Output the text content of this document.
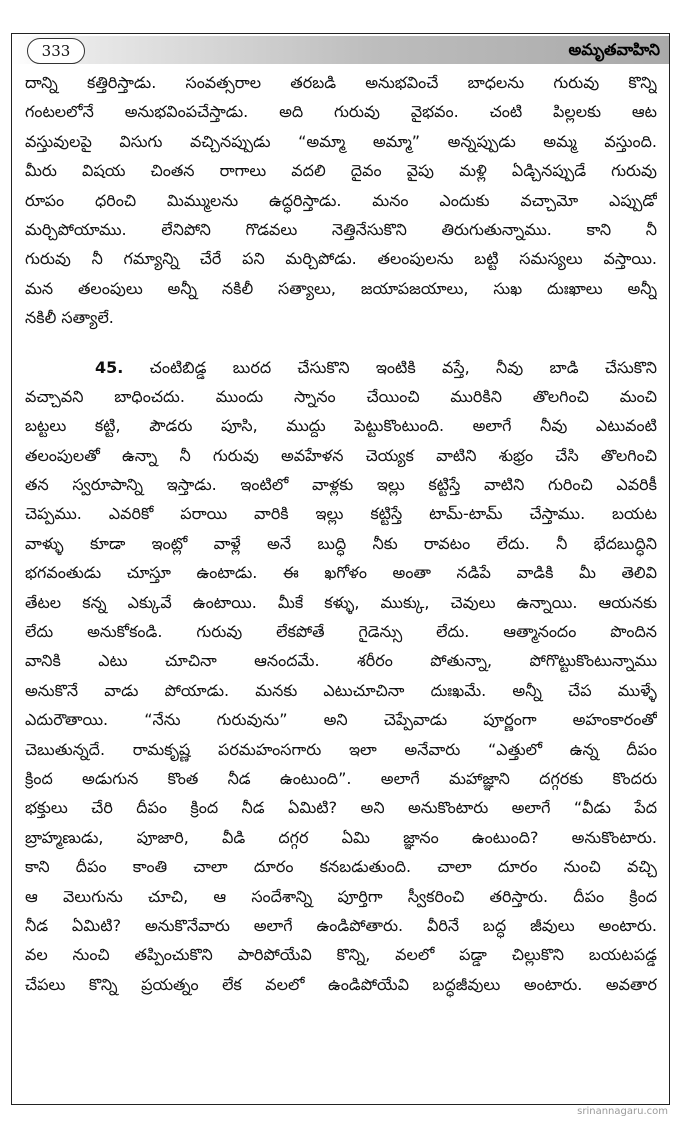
333	అమృతవాహిని
దాన్ని కత్తిరిస్తాడు. సంవత్సరాల తరబడి అనుభవించే బాధలను గురువు కొన్ని
గంటలలోనే అనుభవింపచేస్తాడు. అది గురువు వైభవం. చంటి పిల్లలకు ఆట
వస్తువులపై విసుగు వచ్చినప్పుడు “అమ్మా అమ్మా” అన్నప్పుడు అమ్మ వస్తుంది.
మీరు విషయ చింతన రాగాలు వదలి దైవం వైపు మళ్లి ఏడ్చినప్పుడే గురువు
రూపం ధరించి మిమ్ములను ఉద్ధరిస్తాడు. మనం ఎందుకు వచ్చామో ఎప్పుడో
మర్చిపోయాము. లేనిపోని గొడవలు నెత్తినేసుకొని తిరుగుతున్నాము. కాని నీ
గురువు నీ గమ్యాన్ని చేరే పని మర్చిపోడు. తలంపులను బట్టి సమస్యలు వస్తాయి.
మన తలంపులు అన్నీ నకిలీ సత్యాలు, జయాపజయాలు, సుఖ దుఃఖాలు అన్నీ
నకిలీ సత్యాలే.
45. చంటిబిడ్డ బురద చేసుకొని ఇంటికి వస్తే, నీవు బాడి చేసుకొని
వచ్చావని బాధించదు. ముందు స్నానం చేయించి మురికిని తొలగించి మంచి
బట్టలు కట్టి, పౌడరు పూసి, ముద్దు పెట్టుకొంటుంది. అలాగే నీవు ఎటువంటి
తలంపులతో ఉన్నా నీ గురువు అవహేళన చెయ్యక వాటిని శుభ్రం చేసి తొలగించి
తన స్వరూపాన్ని ఇస్తాడు. ఇంటిలో వాళ్లకు ఇల్లు కట్టిస్తే వాటిని గురించి ఎవరికీ
చెప్పము. ఎవరికో పరాయి వారికి ఇల్లు కట్టిస్తే టామ్-టామ్ చేస్తాము. బయట
వాళ్ళు కూడా ఇంట్లో వాళ్లే అనే బుద్ధి నీకు రావటం లేదు. నీ భేదబుద్ధిని
భగవంతుడు చూస్తూ ఉంటాడు. ఈ ఖగోళం అంతా నడిపే వాడికి మీ తెలివి
తేటల కన్న ఎక్కువే ఉంటాయి. మీకే కళ్ళు, ముక్కు, చెవులు ఉన్నాయి. ఆయనకు
లేదు అనుకోకండి. గురువు లేకపోతే గైడెన్సు లేదు. ఆత్మానందం పొందిన
వానికి ఎటు చూచినా ఆనందమే. శరీరం పోతున్నా, పోగొట్టుకొంటున్నాము
అనుకొనే వాడు పోయాడు. మనకు ఎటుచూచినా దుఃఖమే. అన్నీ చేప ముళ్ళే
ఎదురౌతాయి. “నేను గురువును” అని చెప్పేవాడు పూర్ణంగా అహంకారంతో
చెబుతున్నదే. రామకృష్ణ పరమహంసగారు ఇలా అనేవారు “ఎత్తులో ఉన్న దీపం
క్రింద అడుగున కొంత నీడ ఉంటుంది”. అలాగే మహాజ్ఞాని దగ్గరకు కొందరు
భక్తులు చేరి దీపం క్రింద నీడ ఏమిటి? అని అనుకొంటారు అలాగే “వీడు పేద
బ్రాహ్మణుడు, పూజారి, వీడి దగ్గర ఏమి జ్ఞానం ఉంటుంది? అనుకొంటారు.
కాని దీపం కాంతి చాలా దూరం కనబడుతుంది. చాలా దూరం నుంచి వచ్చి
ఆ వెలుగును చూచి, ఆ సందేశాన్ని పూర్తిగా స్వీకరించి తరిస్తారు. దీపం క్రింద
నీడ ఏమిటి? అనుకొనేవారు అలాగే ఉండిపోతారు. వీరినే బద్ధ జీవులు అంటారు.
వల నుంచి తప్పించుకొని పారిపోయేవి కొన్ని, వలలో పడ్డా చిల్లుకొని బయటపడ్డ
చేపలు కొన్ని ప్రయత్నం లేక వలలో ఉండిపోయేవి బద్ధజీవులు అంటారు. అవతార
srinannagaru.com
